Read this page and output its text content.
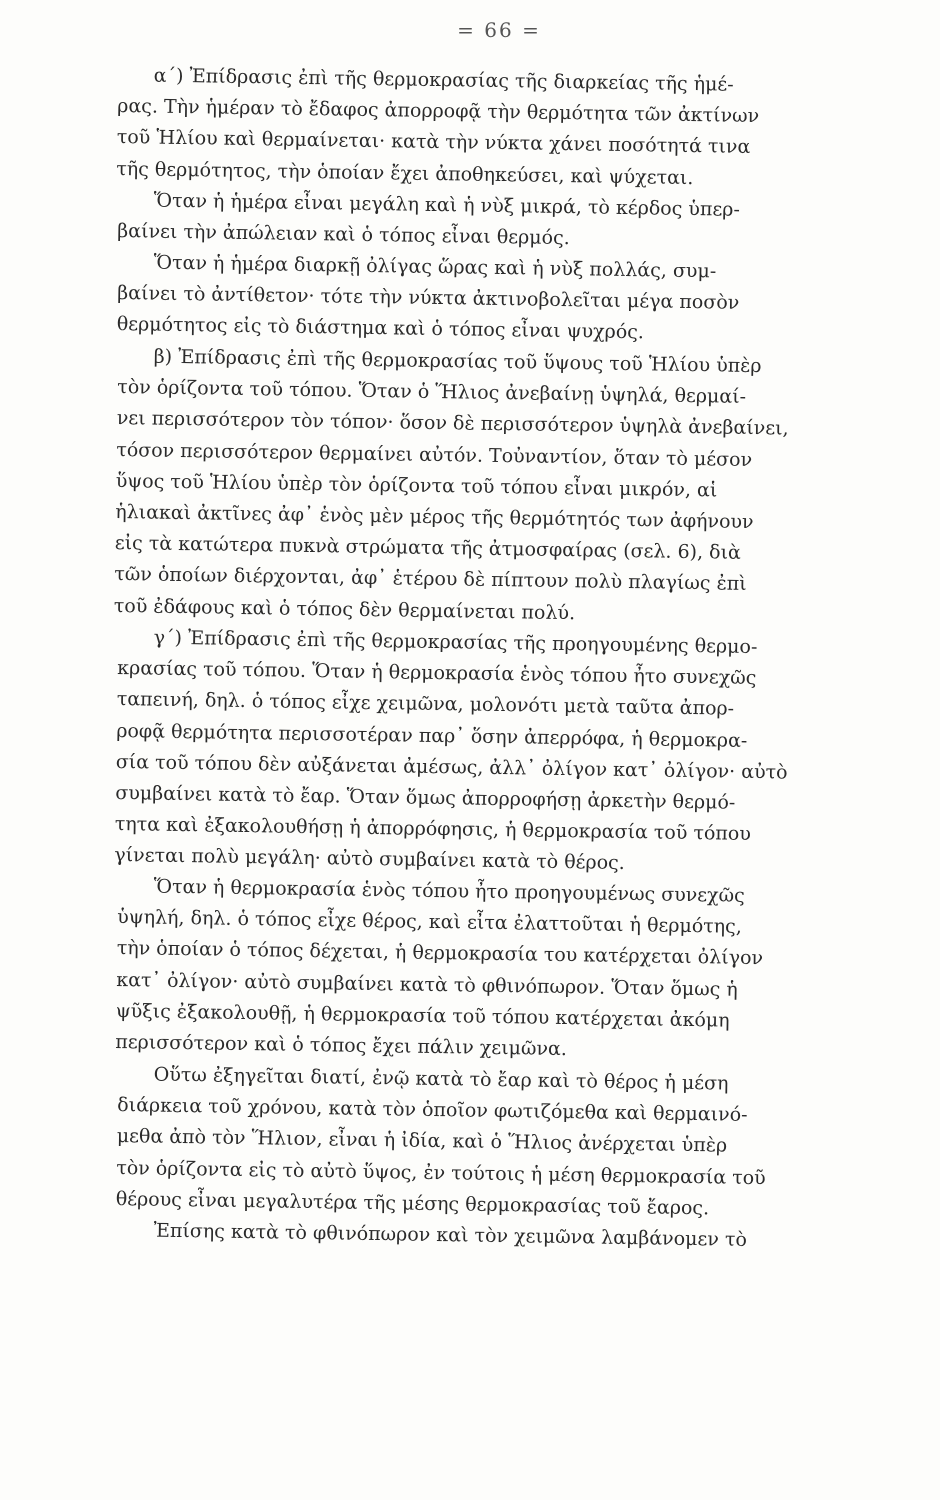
= 66 =

α΄) Ἐπίδρασις ἐπὶ τῆς θερμοκρασίας τῆς διαρκείας τῆς ἡμέ-
ρας. Τὴν ἡμέραν τὸ ἔδαφος ἀπορροφᾷ τὴν θερμότητα τῶν ἀκτίνων
τοῦ Ἡλίου καὶ θερμαίνεται· κατὰ τὴν νύκτα χάνει ποσότητά τινα
τῆς θερμότητος, τὴν ὁποίαν ἔχει ἀποθηκεύσει, καὶ ψύχεται.

Ὅταν ἡ ἡμέρα εἶναι μεγάλη καὶ ἡ νὺξ μικρά, τὸ κέρδος ὑπερ-
βαίνει τὴν ἀπώλειαν καὶ ὁ τόπος εἶναι θερμός.

Ὅταν ἡ ἡμέρα διαρκῇ ὀλίγας ὥρας καὶ ἡ νὺξ πολλάς, συμ-
βαίνει τὸ ἀντίθετον· τότε τὴν νύκτα ἀκτινοβολεῖται μέγα ποσὸν
θερμότητος εἰς τὸ διάστημα καὶ ὁ τόπος εἶναι ψυχρός.

β) Ἐπίδρασις ἐπὶ τῆς θερμοκρασίας τοῦ ὕψους τοῦ Ἡλίου ὑπὲρ
τὸν ὁρίζοντα τοῦ τόπου. Ὅταν ὁ Ἥλιος ἀνεβαίνῃ ὑψηλά, θερμαί-
νει περισσότερον τὸν τόπον· ὅσον δὲ περισσότερον ὑψηλὰ ἀνεβαίνει,
τόσον περισσότερον θερμαίνει αὐτόν. Τοὐναντίον, ὅταν τὸ μέσον
ὕψος τοῦ Ἡλίου ὑπὲρ τὸν ὁρίζοντα τοῦ τόπου εἶναι μικρόν, αἱ
ἡλιακαὶ ἀκτῖνες ἀφ᾽ ἑνὸς μὲν μέρος τῆς θερμότητός των ἀφήνουν
εἰς τὰ κατώτερα πυκνὰ στρώματα τῆς ἀτμοσφαίρας (σελ. 6), διὰ
τῶν ὁποίων διέρχονται, ἀφ᾽ ἑτέρου δὲ πίπτουν πολὺ πλαγίως ἐπὶ
τοῦ ἐδάφους καὶ ὁ τόπος δὲν θερμαίνεται πολύ.

γ΄) Ἐπίδρασις ἐπὶ τῆς θερμοκρασίας τῆς προηγουμένης θερμο-
κρασίας τοῦ τόπου. Ὅταν ἡ θερμοκρασία ἑνὸς τόπου ἦτο συνεχῶς
ταπεινή, δηλ. ὁ τόπος εἶχε χειμῶνα, μολονότι μετὰ ταῦτα ἀπορ-
ροφᾷ θερμότητα περισσοτέραν παρ᾽ ὅσην ἀπερρόφα, ἡ θερμοκρα-
σία τοῦ τόπου δὲν αὐξάνεται ἀμέσως, ἀλλ᾽ ὀλίγον κατ᾽ ὀλίγον· αὐτὸ
συμβαίνει κατὰ τὸ ἔαρ. Ὅταν ὅμως ἀπορροφήσῃ ἀρκετὴν θερμό-
τητα καὶ ἐξακολουθήσῃ ἡ ἀπορρόφησις, ἡ θερμοκρασία τοῦ τόπου
γίνεται πολὺ μεγάλη· αὐτὸ συμβαίνει κατὰ τὸ θέρος.

Ὅταν ἡ θερμοκρασία ἑνὸς τόπου ἦτο προηγουμένως συνεχῶς
ὑψηλή, δηλ. ὁ τόπος εἶχε θέρος, καὶ εἶτα ἐλαττοῦται ἡ θερμότης,
τὴν ὁποίαν ὁ τόπος δέχεται, ἡ θερμοκρασία του κατέρχεται ὀλίγον
κατ᾽ ὀλίγον· αὐτὸ συμβαίνει κατὰ τὸ φθινόπωρον. Ὅταν ὅμως ἡ
ψῦξις ἐξακολουθῇ, ἡ θερμοκρασία τοῦ τόπου κατέρχεται ἀκόμη
περισσότερον καὶ ὁ τόπος ἔχει πάλιν χειμῶνα.

Οὕτω ἐξηγεῖται διατί, ἐνῷ κατὰ τὸ ἔαρ καὶ τὸ θέρος ἡ μέση
διάρκεια τοῦ χρόνου, κατὰ τὸν ὁποῖον φωτιζόμεθα καὶ θερμαινό-
μεθα ἀπὸ τὸν Ἥλιον, εἶναι ἡ ἰδία, καὶ ὁ Ἥλιος ἀνέρχεται ὑπὲρ
τὸν ὁρίζοντα εἰς τὸ αὐτὸ ὕψος, ἐν τούτοις ἡ μέση θερμοκρασία τοῦ
θέρους εἶναι μεγαλυτέρα τῆς μέσης θερμοκρασίας τοῦ ἔαρος.

Ἐπίσης κατὰ τὸ φθινόπωρον καὶ τὸν χειμῶνα λαμβάνομεν τὸ
